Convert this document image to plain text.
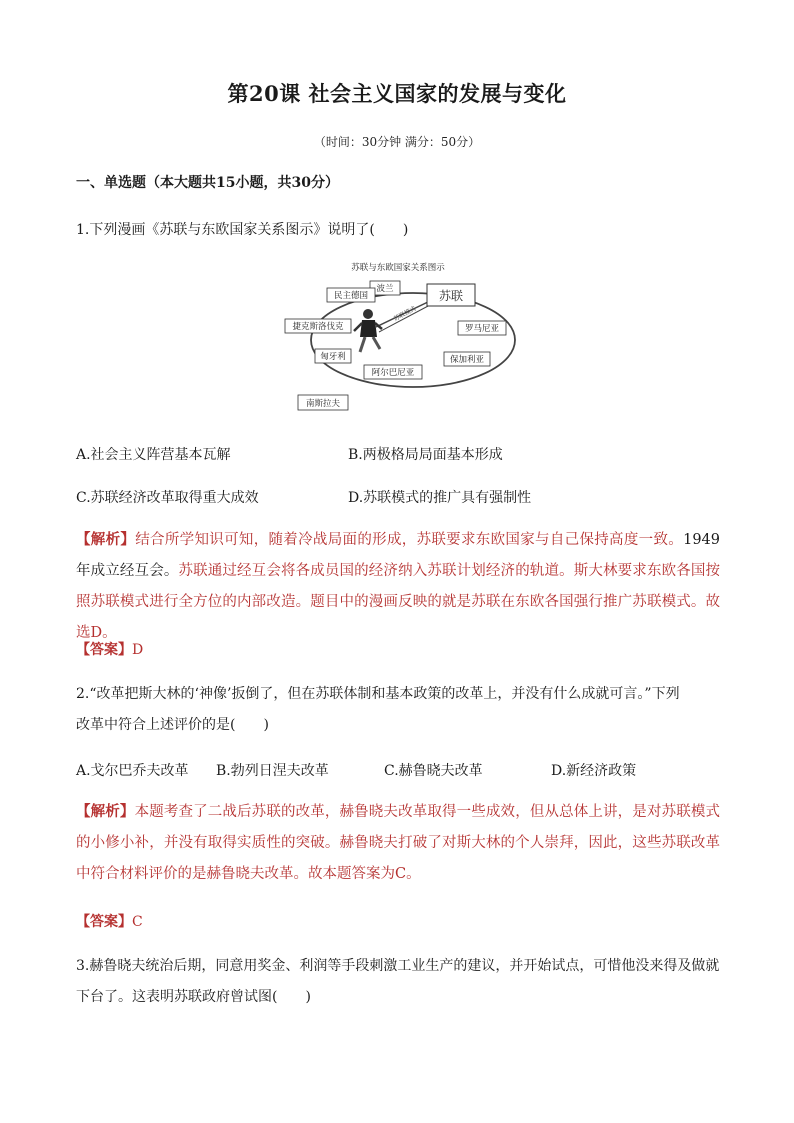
第20课 社会主义国家的发展与变化
（时间：30分钟 满分：50分）
一、单选题（本大题共15小题，共30分）
1.下列漫画《苏联与东欧国家关系图示》说明了(　　)
苏联与东欧国家关系图示
苏联模式
苏联
波兰
民主德国
捷克斯洛伐克
匈牙利
阿尔巴尼亚
保加利亚
罗马尼亚
南斯拉夫
A.社会主义阵营基本瓦解	B.两极格局局面基本形成
C.苏联经济改革取得重大成效	D.苏联模式的推广具有强制性
【解析】结合所学知识可知，随着冷战局面的形成，苏联要求东欧国家与自己保持高度一致。1949年成立经互会。苏联通过经互会将各成员国的经济纳入苏联计划经济的轨道。斯大林要求东欧各国按照苏联模式进行全方位的内部改造。题目中的漫画反映的就是苏联在东欧各国强行推广苏联模式。故选D。
【答案】D
2.“改革把斯大林的‘神像’扳倒了，但在苏联体制和基本政策的改革上，并没有什么成就可言。”下列
改革中符合上述评价的是(　　)
A.戈尔巴乔夫改革 B.勃列日涅夫改革	C.赫鲁晓夫改革	D.新经济政策
【解析】本题考查了二战后苏联的改革，赫鲁晓夫改革取得一些成效，但从总体上讲，是对苏联模式的小修小补，并没有取得实质性的突破。赫鲁晓夫打破了对斯大林的个人崇拜，因此，这些苏联改革中符合材料评价的是赫鲁晓夫改革。故本题答案为C。
【答案】C
3.赫鲁晓夫统治后期，同意用奖金、利润等手段刺激工业生产的建议，并开始试点，可惜他没来得及做就
下台了。这表明苏联政府曾试图(　　)
